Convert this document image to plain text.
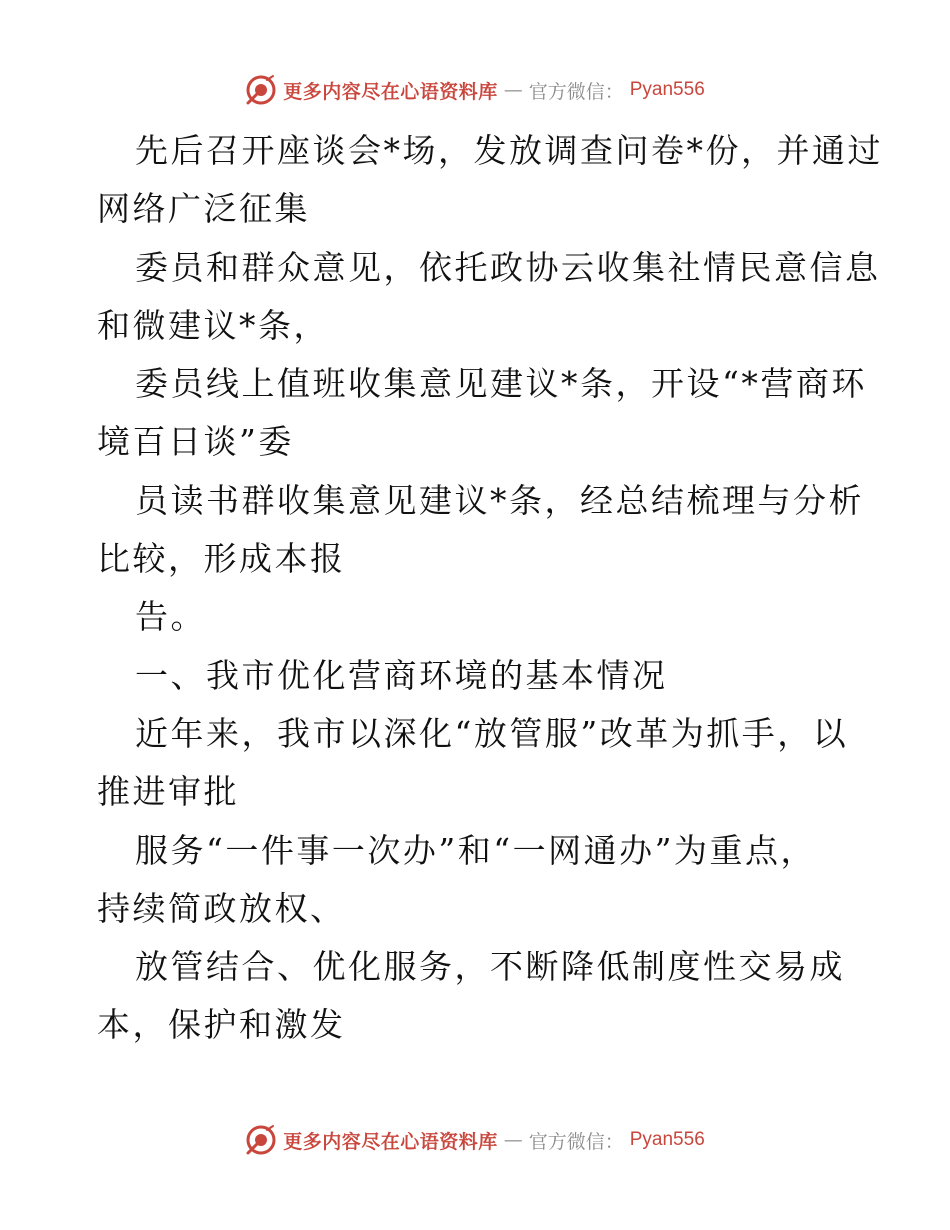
更多内容尽在心语资料库 — 官方微信： Pyan556
先后召开座谈会*场，发放调查问卷*份，并通过
网络广泛征集
委员和群众意见，依托政协云收集社情民意信息
和微建议*条，
委员线上值班收集意见建议*条，开设“*营商环
境百日谈”委
员读书群收集意见建议*条，经总结梳理与分析
比较，形成本报
告。
一、我市优化营商环境的基本情况
近年来，我市以深化“放管服”改革为抓手，以
推进审批
服务“一件事一次办”和“一网通办”为重点，
持续简政放权、
放管结合、优化服务，不断降低制度性交易成
本，保护和激发
更多内容尽在心语资料库 — 官方微信： Pyan556
